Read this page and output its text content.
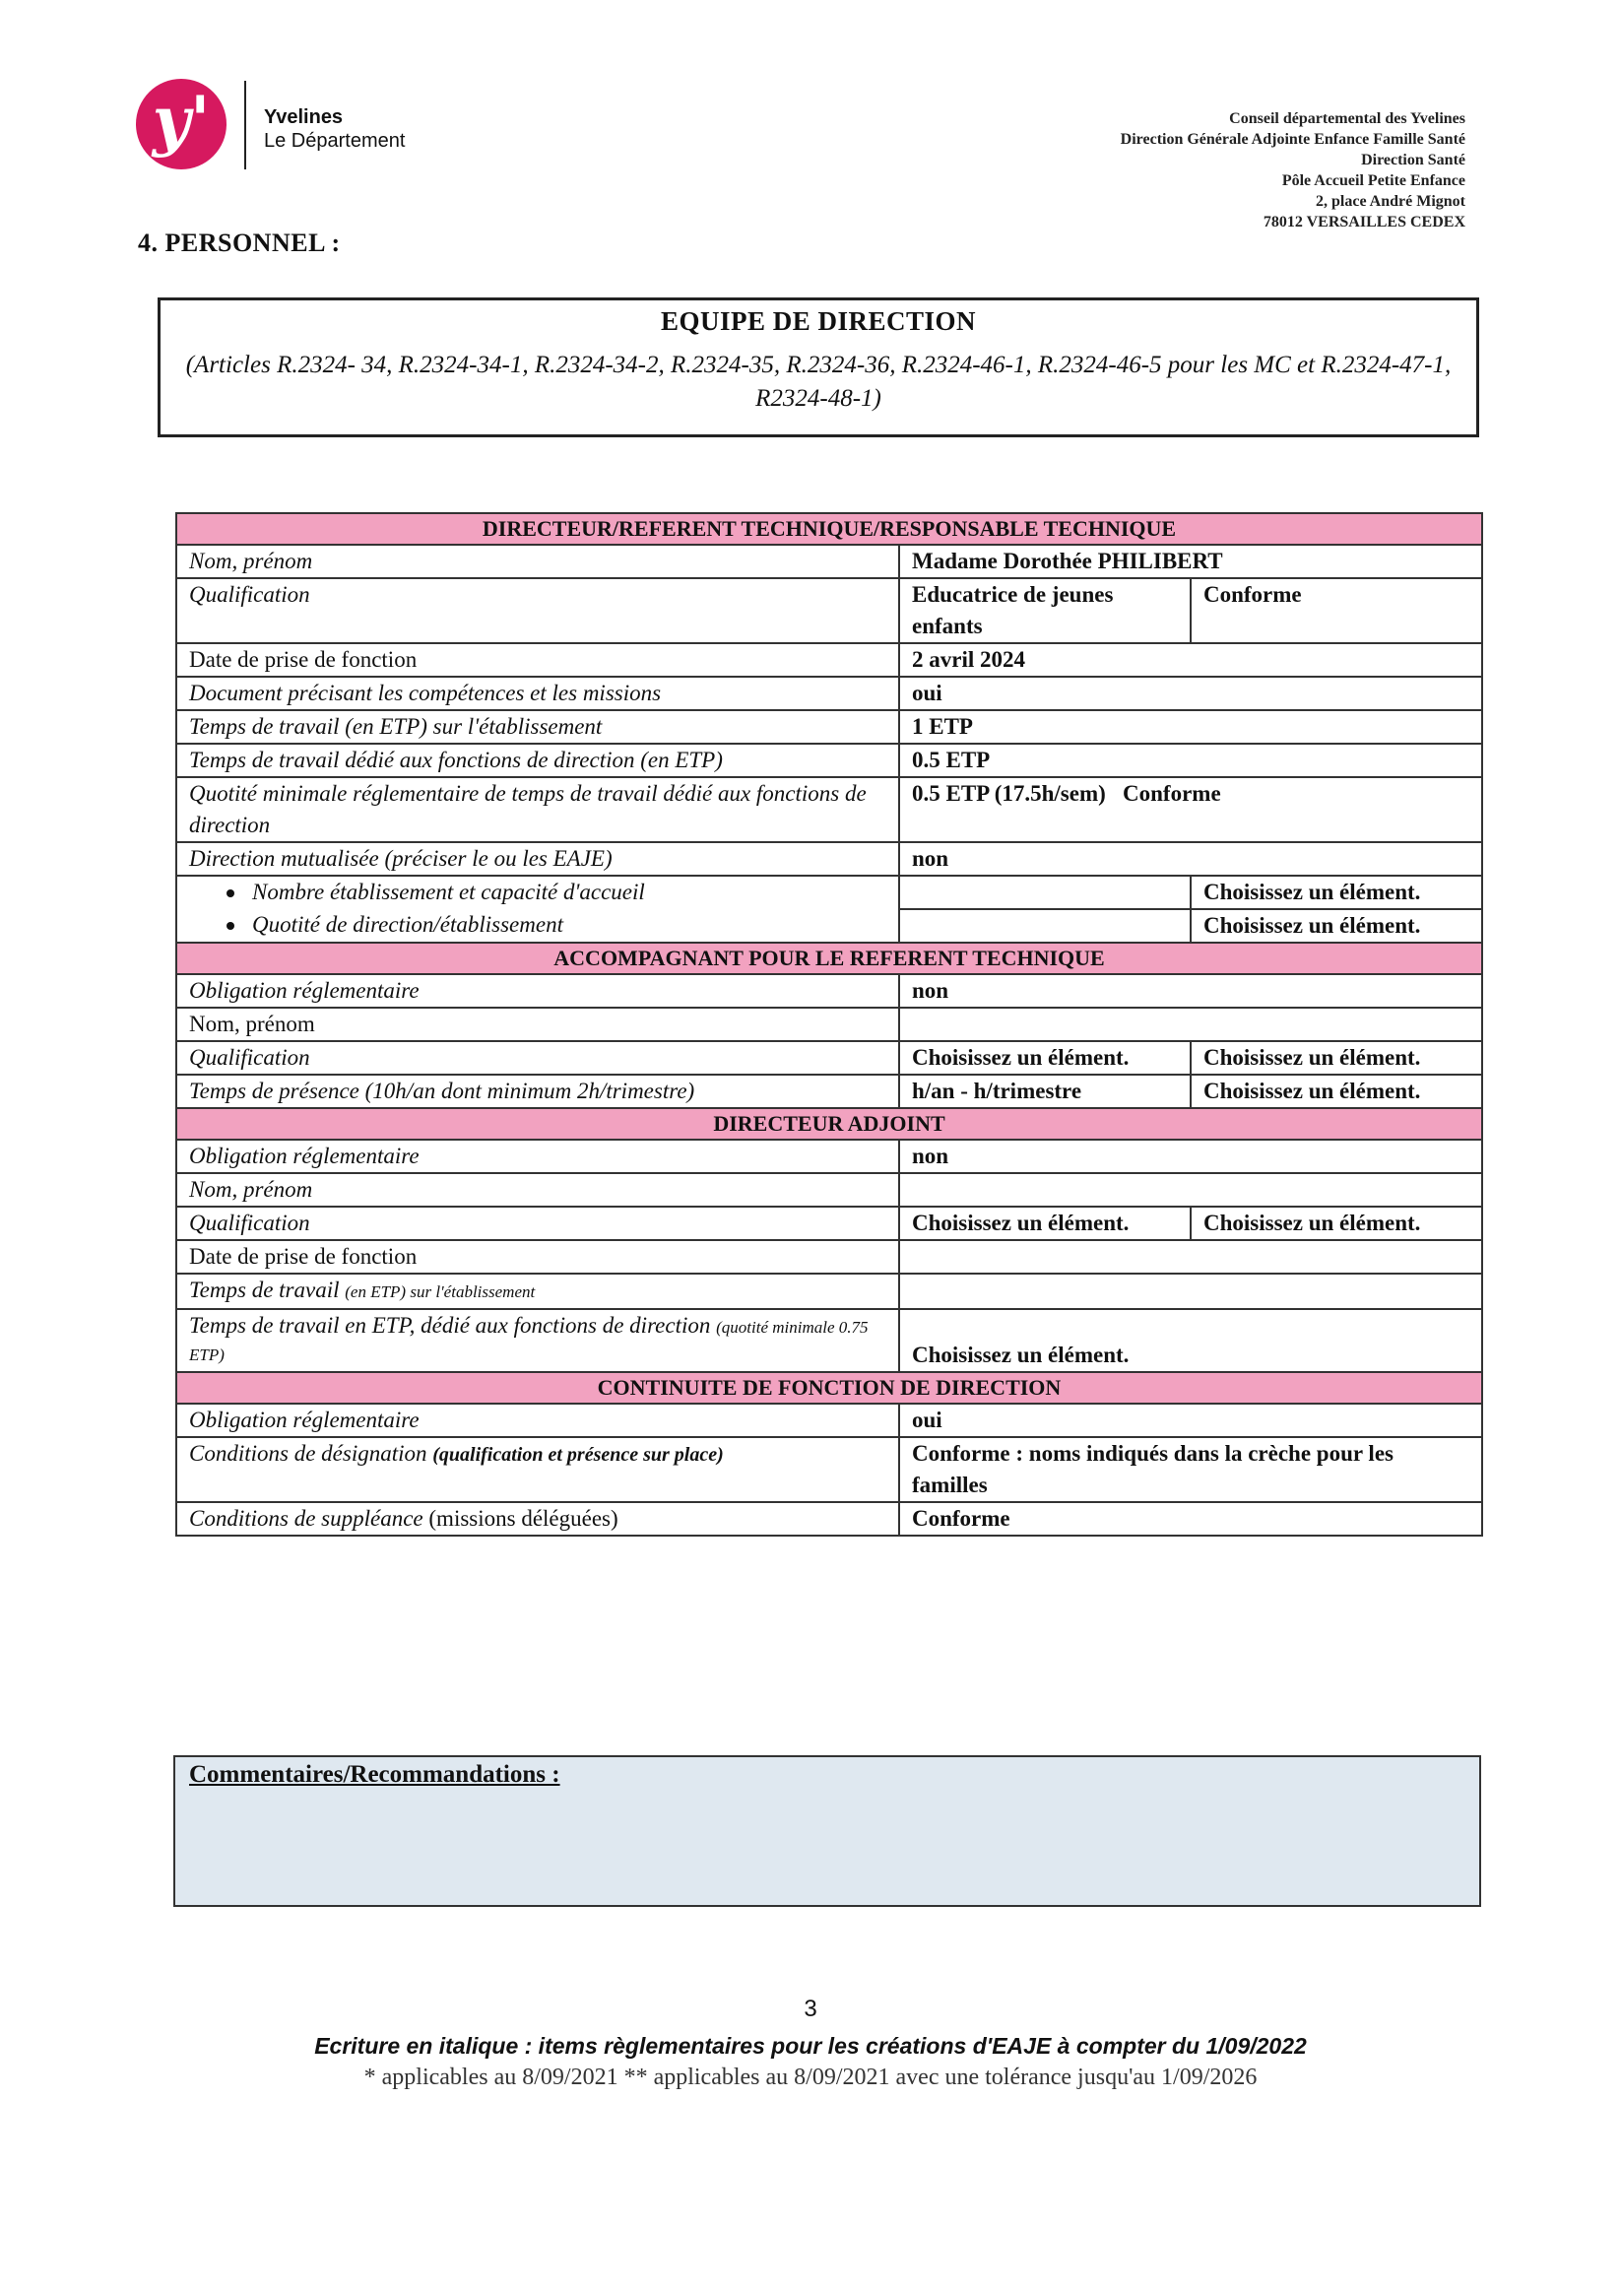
y'	Yvelines
Le Département
Conseil départemental des Yvelines
Direction Générale Adjointe Enfance Famille Santé
Direction Santé
Pôle Accueil Petite Enfance
2, place André Mignot
78012 VERSAILLES CEDEX
4. PERSONNEL :
EQUIPE DE DIRECTION
(Articles R.2324- 34, R.2324-34-1, R.2324-34-2, R.2324-35, R.2324-36, R.2324-46-1, R.2324-46-5 pour les MC et R.2324-47-1, R2324-48-1)
DIRECTEUR/REFERENT TECHNIQUE/RESPONSABLE TECHNIQUE		
Nom, prénom	Madame Dorothée PHILIBERT	
Qualification	Educatrice de jeunes enfants	Conforme
Date de prise de fonction	2 avril 2024	
Document précisant les compétences et les missions	oui	
Temps de travail (en ETP) sur l'établissement	1 ETP	
Temps de travail dédié aux fonctions de direction (en ETP)	0.5 ETP	
Quotité minimale réglementaire de temps de travail dédié aux fonctions de direction	0.5 ETP (17.5h/sem) Conforme	
Direction mutualisée (préciser le ou les EAJE)	non	

Nombre établissement et capacité d'accueil		Choisissez un élément.

Quotité de direction/établissement		Choisissez un élément.
ACCOMPAGNANT POUR LE REFERENT TECHNIQUE		
Obligation réglementaire	non	
Nom, prénom		
Qualification	Choisissez un élément.	Choisissez un élément.
Temps de présence (10h/an dont minimum 2h/trimestre)	h/an - h/trimestre	Choisissez un élément.
DIRECTEUR ADJOINT		
Obligation réglementaire	non	
Nom, prénom		
Qualification	Choisissez un élément.	Choisissez un élément.
Date de prise de fonction		
Temps de travail (en ETP) sur l'établissement		
Temps de travail en ETP, dédié aux fonctions de direction (quotité minimale 0.75 ETP)	Choisissez un élément.	
CONTINUITE DE FONCTION DE DIRECTION		
Obligation réglementaire	oui	
Conditions de désignation (qualification et présence sur place)	Conforme : noms indiqués dans la crèche pour les familles	
Conditions de suppléance (missions déléguées)	Conforme	
Commentaires/Recommandations :
3
Ecriture en italique : items règlementaires pour les créations d'EAJE à compter du 1/09/2022
* applicables au 8/09/2021 ** applicables au 8/09/2021 avec une tolérance jusqu'au 1/09/2026
